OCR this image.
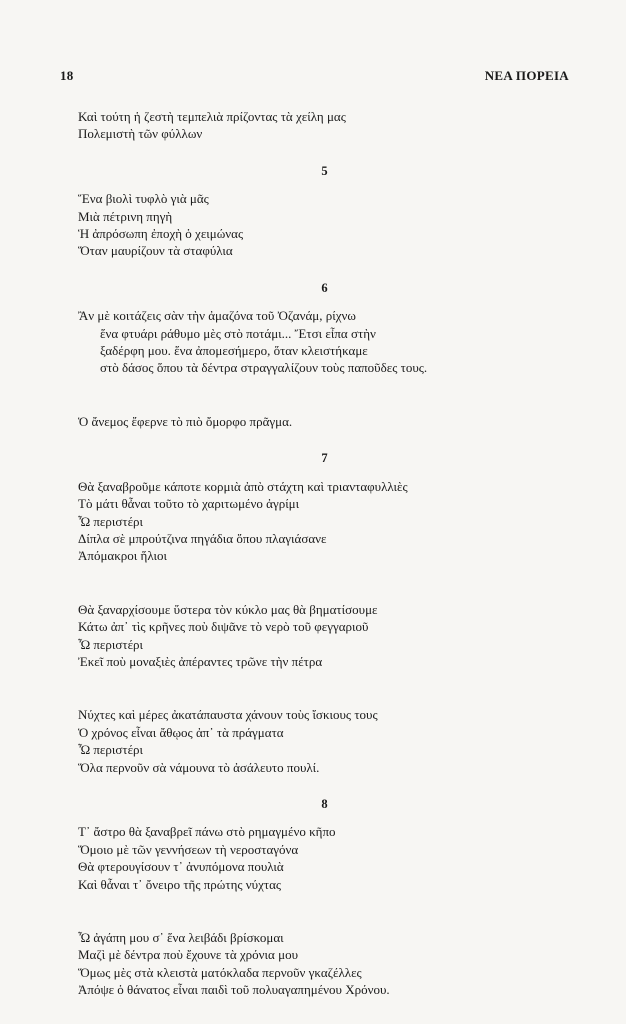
18	ΝΕΑ ΠΟΡΕΙΑ
Καὶ τούτη ἡ ζεστὴ τεμπελιὰ πρίζοντας τὰ χείλη μας
Πολεμιστὴ τῶν φύλλων
5
Ἕνα βιολὶ τυφλὸ γιὰ μᾶς
Μιὰ πέτρινη πηγὴ
Ἡ ἀπρόσωπη ἐποχὴ ὁ χειμώνας
Ὅταν μαυρίζουν τὰ σταφύλια
6
Ἂν μὲ κοιτάζεις σὰν τὴν ἀμαζόνα τοῦ Ὀζανάμ, ρίχνω
ἕνα φτυάρι ράθυμο μὲς στὸ ποτάμι... Ἔτσι εἶπα στὴν
ξαδέρφη μου. ἕνα ἀπομεσήμερο, ὅταν κλειστήκαμε
στὸ δάσος ὅπου τὰ δέντρα στραγγαλίζουν τοὺς παποῦδες τους.
Ὁ ἄνεμος ἔφερνε τὸ πιὸ ὄμορφο πρᾶγμα.
7
Θὰ ξαναβροῦμε κάποτε κορμιὰ ἀπὸ στάχτη καὶ τριανταφυλλιὲς
Τὸ μάτι θἆναι τοῦτο τὸ χαριτωμένο ἀγρίμι
Ὦ περιστέρι
Δίπλα σὲ μπρούτζινα πηγάδια ὅπου πλαγιάσανε
Ἀπόμακροι ἥλιοι
Θὰ ξαναρχίσουμε ὕστερα τὸν κύκλο μας θὰ βηματίσουμε
Κάτω ἀπ᾿ τὶς κρῆνες ποὺ διψᾶνε τὸ νερὸ τοῦ φεγγαριοῦ
Ὦ περιστέρι
Ἐκεῖ ποὺ μοναξιὲς ἀπέραντες τρῶνε τὴν πέτρα
Νύχτες καὶ μέρες ἀκατάπαυστα χάνουν τοὺς ἴσκιους τους
Ὁ χρόνος εἶναι ἄθῳος ἀπ᾿ τὰ πράγματα
Ὦ περιστέρι
Ὅλα περνοῦν σὰ νάμουνα τὸ ἀσάλευτο πουλί.
8
Τ᾿ ἄστρο θὰ ξαναβρεῖ πάνω στὸ ρημαγμένο κῆπο
Ὅμοιο μὲ τῶν γεννήσεων τὴ νεροσταγόνα
Θὰ φτερουγίσουν τ᾿ ἀνυπόμονα πουλιὰ
Καὶ θἆναι τ᾿ ὄνειρο τῆς πρώτης νύχτας
Ὦ ἀγάπη μου σ᾿ ἕνα λειβάδι βρίσκομαι
Μαζὶ μὲ δέντρα ποὺ ἔχουνε τὰ χρόνια μου
Ὅμως μὲς στὰ κλειστὰ ματόκλαδα περνοῦν γκαζέλλες
Ἀπόψε ὁ θάνατος εἶναι παιδὶ τοῦ πολυαγαπημένου Χρόνου.
